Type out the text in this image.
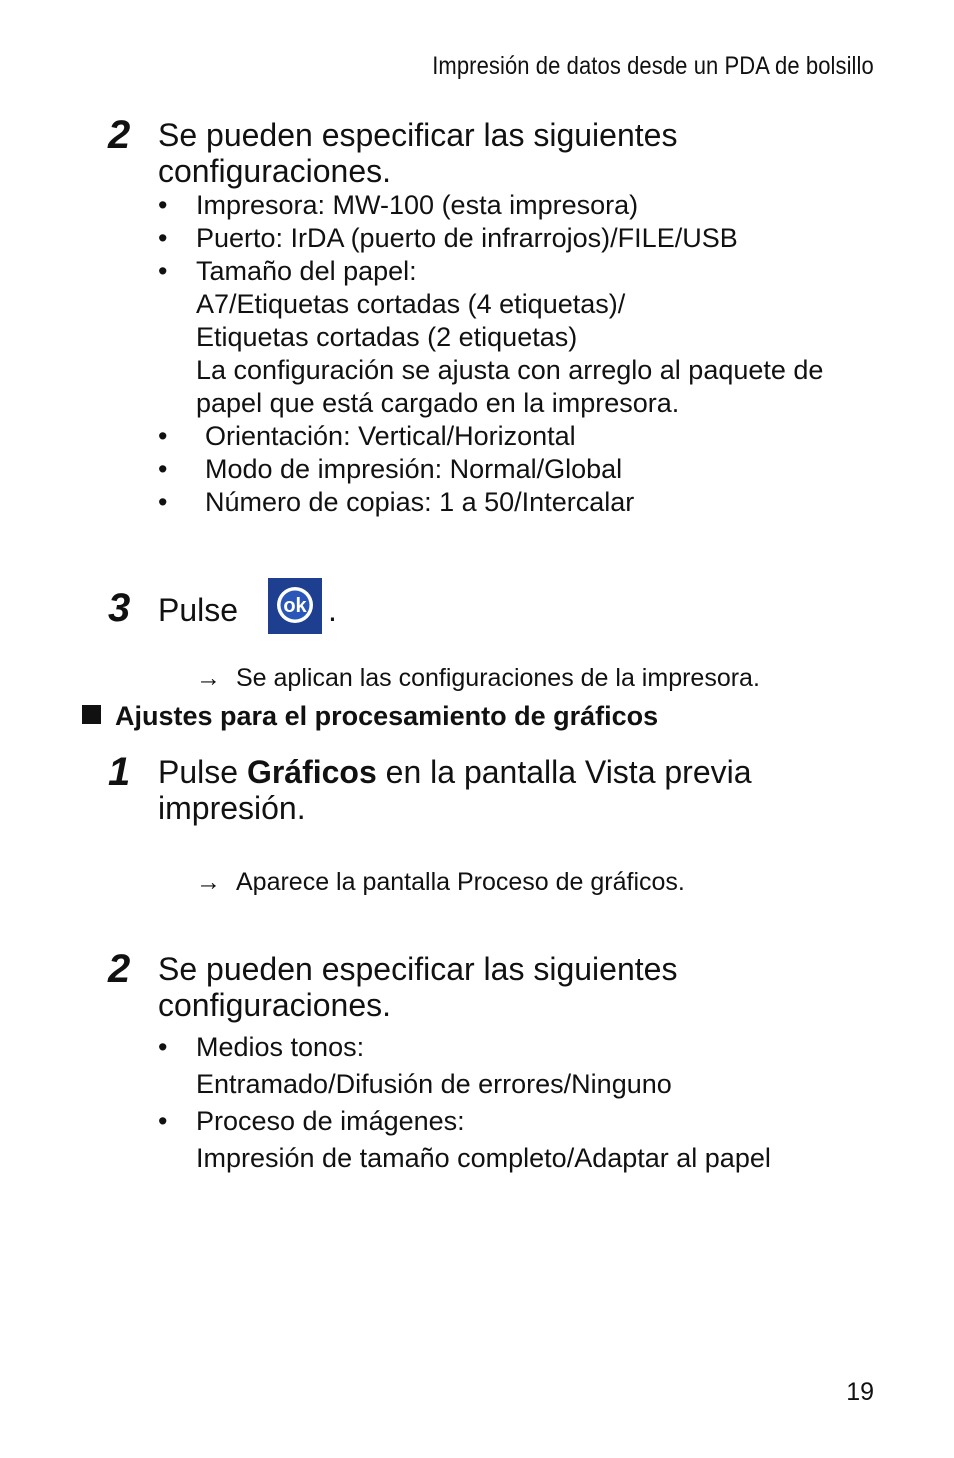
Impresión de datos desde un PDA de bolsillo
2 Se pueden especificar las siguientes
configuraciones.
• Impresora: MW-100 (esta impresora)
• Puerto: IrDA (puerto de infrarrojos)/FILE/USB
• Tamaño del papel:
A7/Etiquetas cortadas (4 etiquetas)/
Etiquetas cortadas (2 etiquetas)
La configuración se ajusta con arreglo al paquete de
papel que está cargado en la impresora.
• Orientación: Vertical/Horizontal
• Modo de impresión: Normal/Global
• Número de copias: 1 a 50/Intercalar
3 Pulse ok .
→ Se aplican las configuraciones de la impresora.
Ajustes para el procesamiento de gráficos
1 Pulse Gráficos en la pantalla Vista previa
impresión.
→ Aparece la pantalla Proceso de gráficos.
2 Se pueden especificar las siguientes
configuraciones.
• Medios tonos:
Entramado/Difusión de errores/Ninguno
• Proceso de imágenes:
Impresión de tamaño completo/Adaptar al papel
19
